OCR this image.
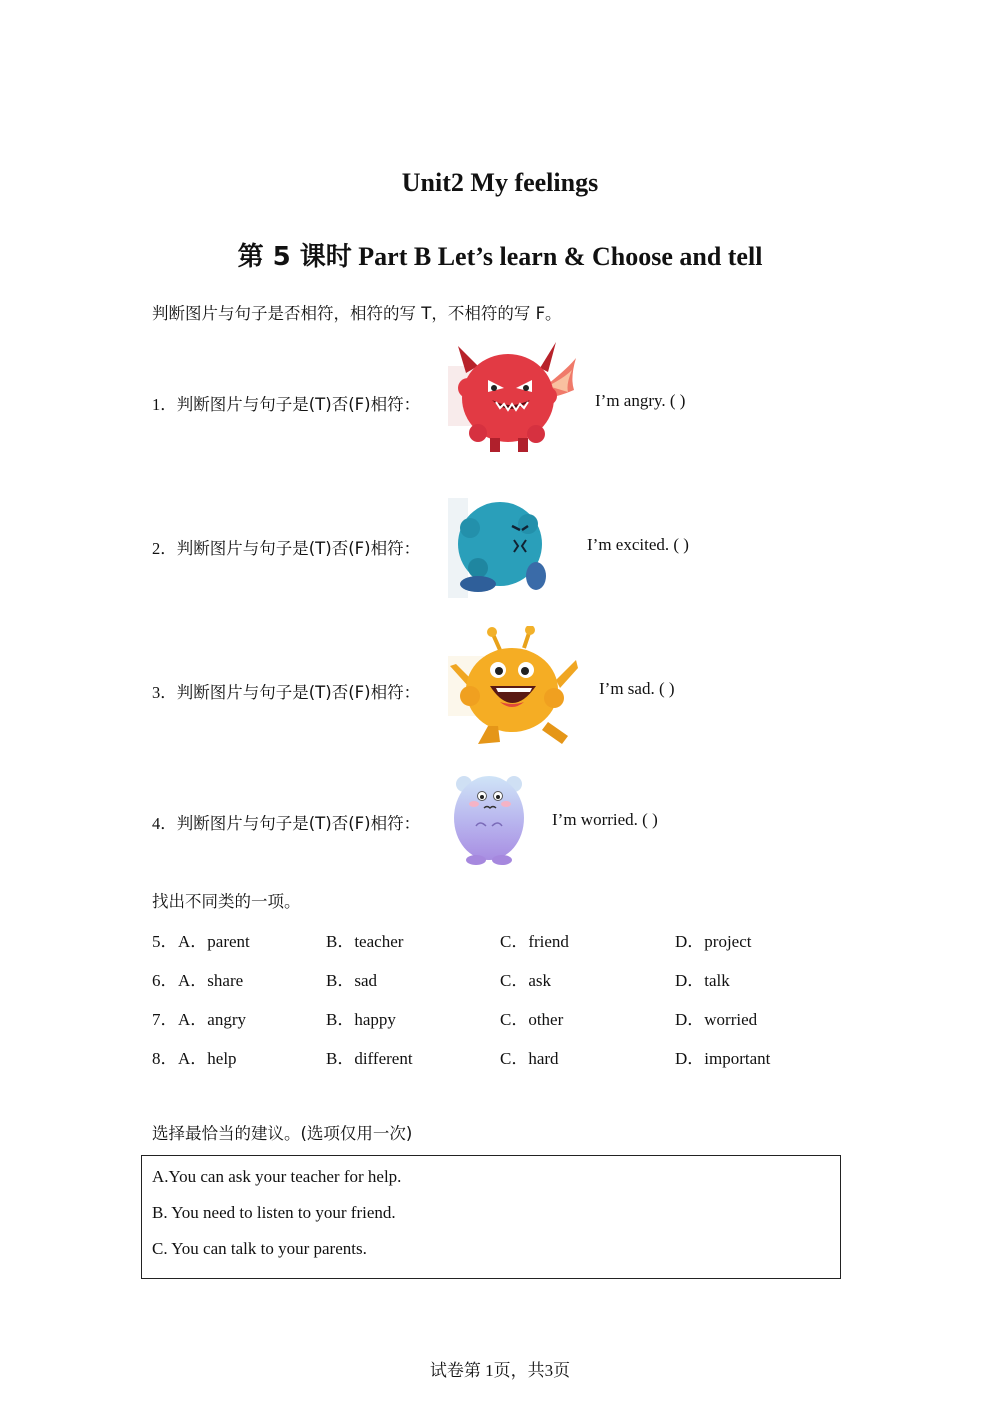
Unit2 My feelings
第 5 课时 Part B Let’s learn & Choose and tell
判断图片与句子是否相符，相符的写 T，不相符的写 F。
1．判断图片与句子是(T)否(F)相符：	I’m angry. ( )
2．判断图片与句子是(T)否(F)相符：	I’m excited. ( )
3．判断图片与句子是(T)否(F)相符：	I’m sad. ( )
4．判断图片与句子是(T)否(F)相符：	I’m worried. ( )
找出不同类的一项。
5． A．parent	B．teacher	C．friend	D．project
6． A．share	B．sad	C．ask	D．talk
7． A．angry	B．happy	C．other	D．worried
8． A．help	B．different	C．hard	D．important
选择最恰当的建议。(选项仅用一次)
A.You can ask your teacher for help.
B. You need to listen to your friend.
C. You can talk to your parents.
试卷第 1页，共3页
